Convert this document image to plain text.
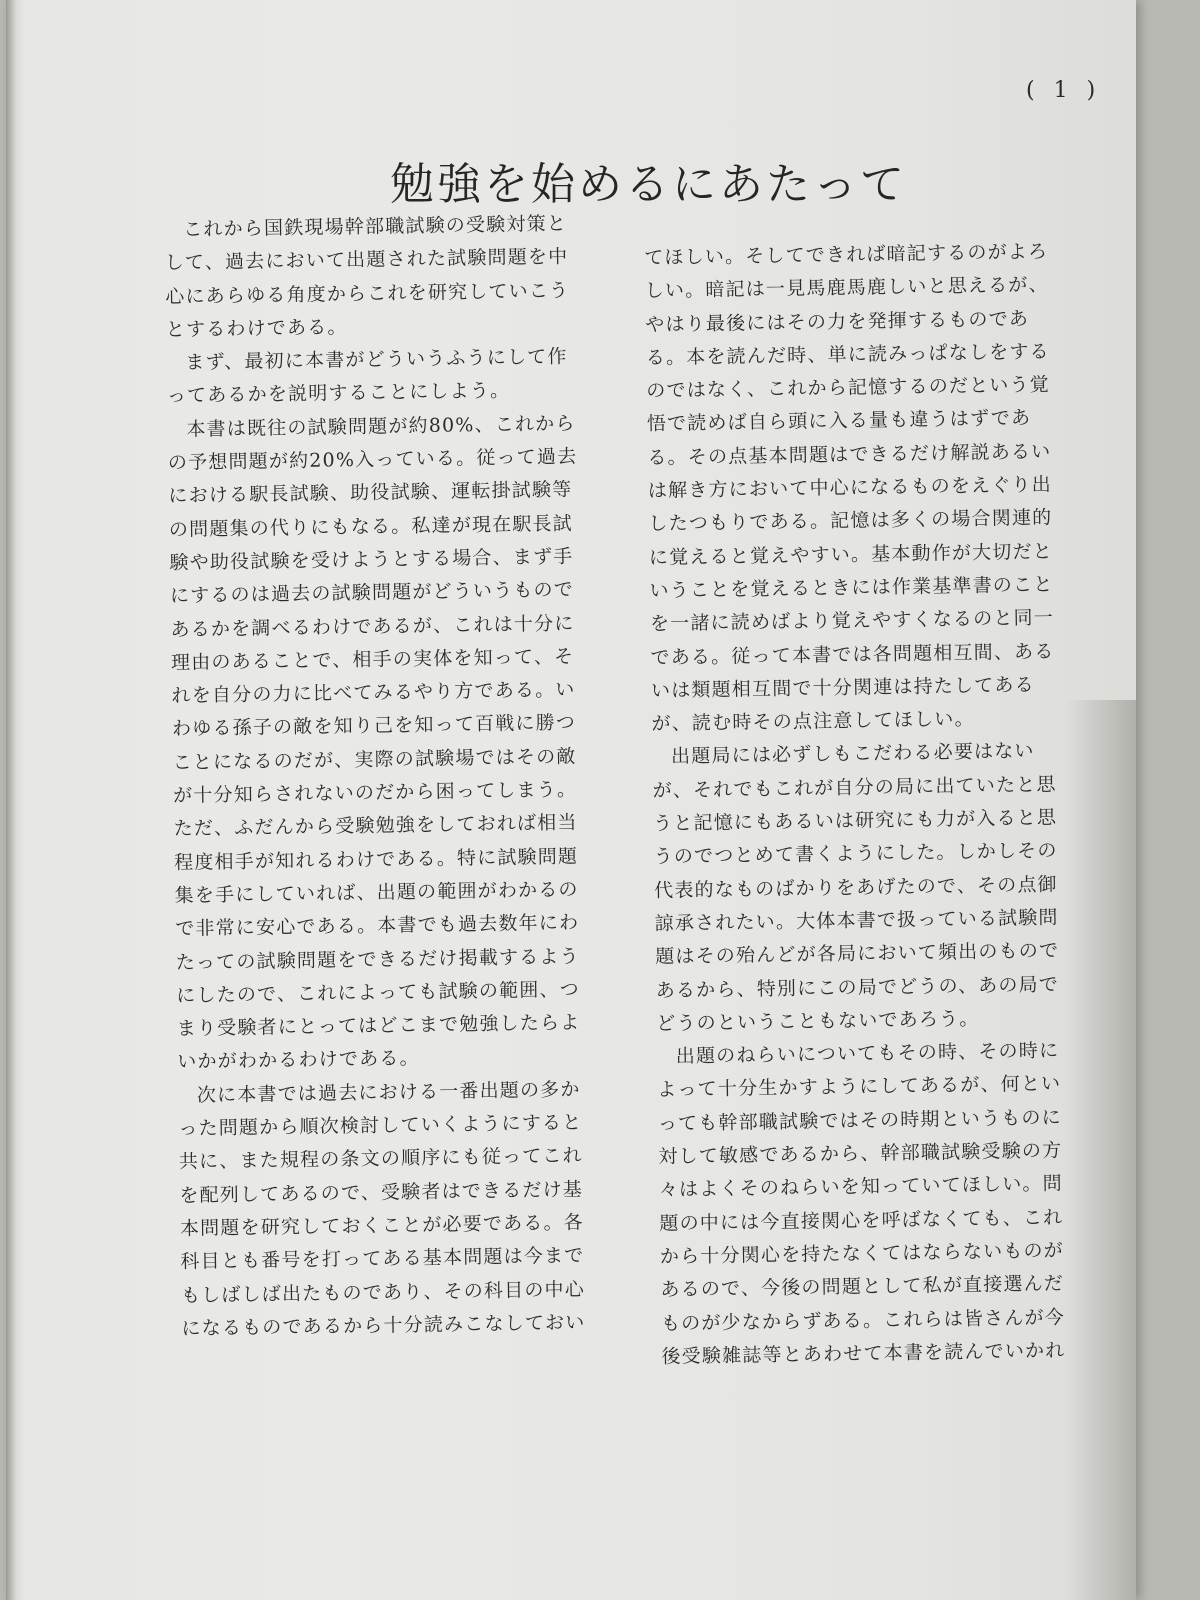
( 1 )
勉強を始めるにあたって
これから国鉄現場幹部職試験の受験対策と
して、過去において出題された試験問題を中
心にあらゆる角度からこれを研究していこう
とするわけである。
まず、最初に本書がどういうふうにして作
ってあるかを説明することにしよう。
本書は既往の試験問題が約80%、これから
の予想問題が約20%入っている。従って過去
における駅長試験、助役試験、運転掛試験等
の問題集の代りにもなる。私達が現在駅長試
験や助役試験を受けようとする場合、まず手
にするのは過去の試験問題がどういうもので
あるかを調べるわけであるが、これは十分に
理由のあることで、相手の実体を知って、そ
れを自分の力に比べてみるやり方である。い
わゆる孫子の敵を知り己を知って百戦に勝つ
ことになるのだが、実際の試験場ではその敵
が十分知らされないのだから困ってしまう。
ただ、ふだんから受験勉強をしておれば相当
程度相手が知れるわけである。特に試験問題
集を手にしていれば、出題の範囲がわかるの
で非常に安心である。本書でも過去数年にわ
たっての試験問題をできるだけ掲載するよう
にしたので、これによっても試験の範囲、つ
まり受験者にとってはどこまで勉強したらよ
いかがわかるわけである。
次に本書では過去における一番出題の多か
った問題から順次検討していくようにすると
共に、また規程の条文の順序にも従ってこれ
を配列してあるので、受験者はできるだけ基
本問題を研究しておくことが必要である。各
科目とも番号を打ってある基本問題は今まで
もしばしば出たものであり、その科目の中心
になるものであるから十分読みこなしておい
てほしい。そしてできれば暗記するのがよろ
しい。暗記は一見馬鹿馬鹿しいと思えるが、
やはり最後にはその力を発揮するものであ
る。本を読んだ時、単に読みっぱなしをする
のではなく、これから記憶するのだという覚
悟で読めば自ら頭に入る量も違うはずであ
る。その点基本問題はできるだけ解説あるい
は解き方において中心になるものをえぐり出
したつもりである。記憶は多くの場合関連的
に覚えると覚えやすい。基本動作が大切だと
いうことを覚えるときには作業基準書のこと
を一諸に読めばより覚えやすくなるのと同一
である。従って本書では各問題相互間、ある
いは類題相互間で十分関連は持たしてある
が、読む時その点注意してほしい。
出題局には必ずしもこだわる必要はない
が、それでもこれが自分の局に出ていたと思
うと記憶にもあるいは研究にも力が入ると思
うのでつとめて書くようにした。しかしその
代表的なものばかりをあげたので、その点御
諒承されたい。大体本書で扱っている試験問
題はその殆んどが各局において頻出のもので
あるから、特別にこの局でどうの、あの局で
どうのということもないであろう。
出題のねらいについてもその時、その時に
よって十分生かすようにしてあるが、何とい
っても幹部職試験ではその時期というものに
対して敏感であるから、幹部職試験受験の方
々はよくそのねらいを知っていてほしい。問
題の中には今直接関心を呼ばなくても、これ
から十分関心を持たなくてはならないものが
あるので、今後の問題として私が直接選んだ
ものが少なからずある。これらは皆さんが今
後受験雑誌等とあわせて本書を読んでいかれ
